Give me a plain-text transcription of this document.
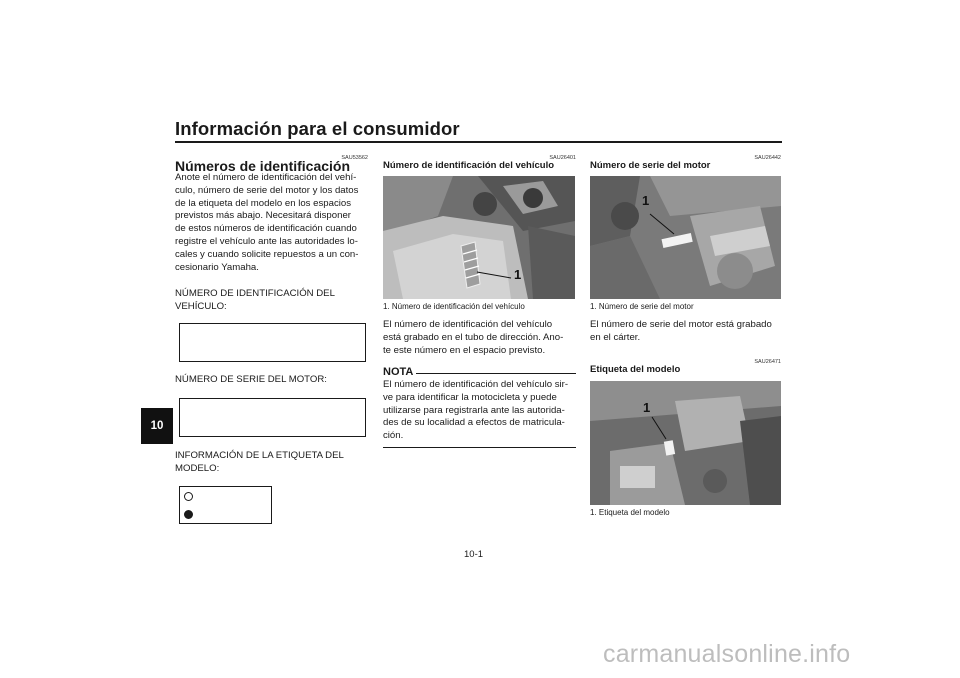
Información para el consumidor
10
SAU53562
Números de identificación
Anote el número de identificación del vehí-
culo, número de serie del motor y los datos
de la etiqueta del modelo en los espacios
previstos más abajo. Necesitará disponer
de estos números de identificación cuando
registre el vehículo ante las autoridades lo-
cales y cuando solicite repuestos a un con-
cesionario Yamaha.
NÚMERO DE IDENTIFICACIÓN DEL
VEHÍCULO:
NÚMERO DE SERIE DEL MOTOR:
INFORMACIÓN DE LA ETIQUETA DEL
MODELO:
SAU26401
Número de identificación del vehículo
1
1. Número de identificación del vehículo
El número de identificación del vehículo
está grabado en el tubo de dirección. Ano-
te este número en el espacio previsto.
NOTA
El número de identificación del vehículo sir-
ve para identificar la motocicleta y puede
utilizarse para registrarla ante las autorida-
des de su localidad a efectos de matricula-
ción.
SAU26442
Número de serie del motor
1
1. Número de serie del motor
El número de serie del motor está grabado
en el cárter.
SAU26471
Etiqueta del modelo
1
1. Etiqueta del modelo
10-1
carmanualsonline.info
